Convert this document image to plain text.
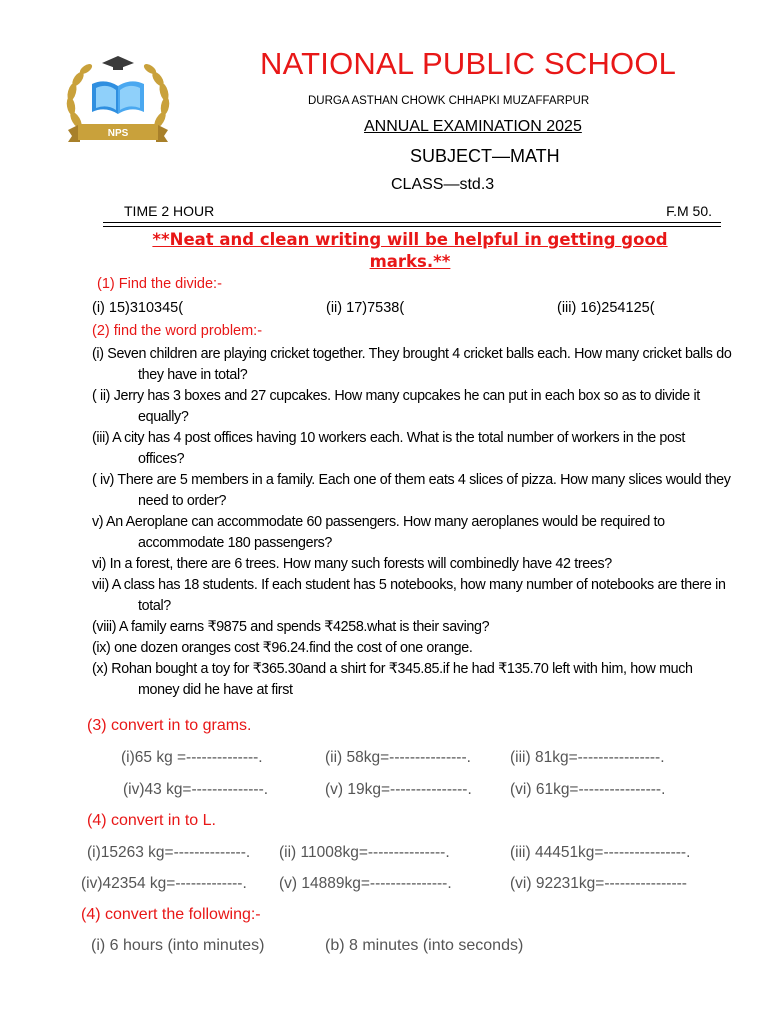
NPS
NATIONAL PUBLIC SCHOOL
DURGA ASTHAN CHOWK CHHAPKI MUZAFFARPUR
ANNUAL EXAMINATION 2025
SUBJECT—MATH
CLASS—std.3
TIME 2 HOUR	F.M 50.
**Neat and clean writing will be helpful in getting good marks.**
(1) Find the divide:-
(i) 15)310345(	(ii) 17)7538(	(iii) 16)254125(
(2) find the word problem:-

(i) Seven children are playing cricket together. They brought 4 cricket balls each. How many cricket balls do they have in total?

( ii) Jerry has 3 boxes and 27 cupcakes. How many cupcakes he can put in each box so as to divide it equally?

(iii) A city has 4 post offices having 10 workers each. What is the total number of workers in the post offices?

( iv) There are 5 members in a family. Each one of them eats 4 slices of pizza. How many slices would they need to order?

v) An Aeroplane can accommodate 60 passengers. How many aeroplanes would be required to accommodate 180 passengers?

vi) In a forest, there are 6 trees. How many such forests will combinedly have 42 trees?

vii) A class has 18 students. If each student has 5 notebooks, how many number of notebooks are there in total?

(viii) A family earns ₹9875 and spends ₹4258.what is their saving?

(ix) one dozen oranges cost ₹96.24.find the cost of one orange.

(x) Rohan bought a toy for ₹365.30and a shirt for ₹345.85.if he had ₹135.70 left with him, how much money did he have at first

(3) convert in to grams.
(i)65 kg =--------------.	(ii) 58kg=---------------.	(iii) 81kg=----------------.
(iv)43 kg=--------------.	(v) 19kg=---------------. (vi) 61kg=----------------.
(4) convert in to L.
(i)15263 kg=--------------. (ii) 11008kg=---------------.	(iii) 44451kg=----------------.
(iv)42354 kg=-------------. (v) 14889kg=---------------.	(vi) 92231kg=----------------
(4) convert the following:-
(i) 6 hours (into minutes)	(b) 8 minutes (into seconds)
